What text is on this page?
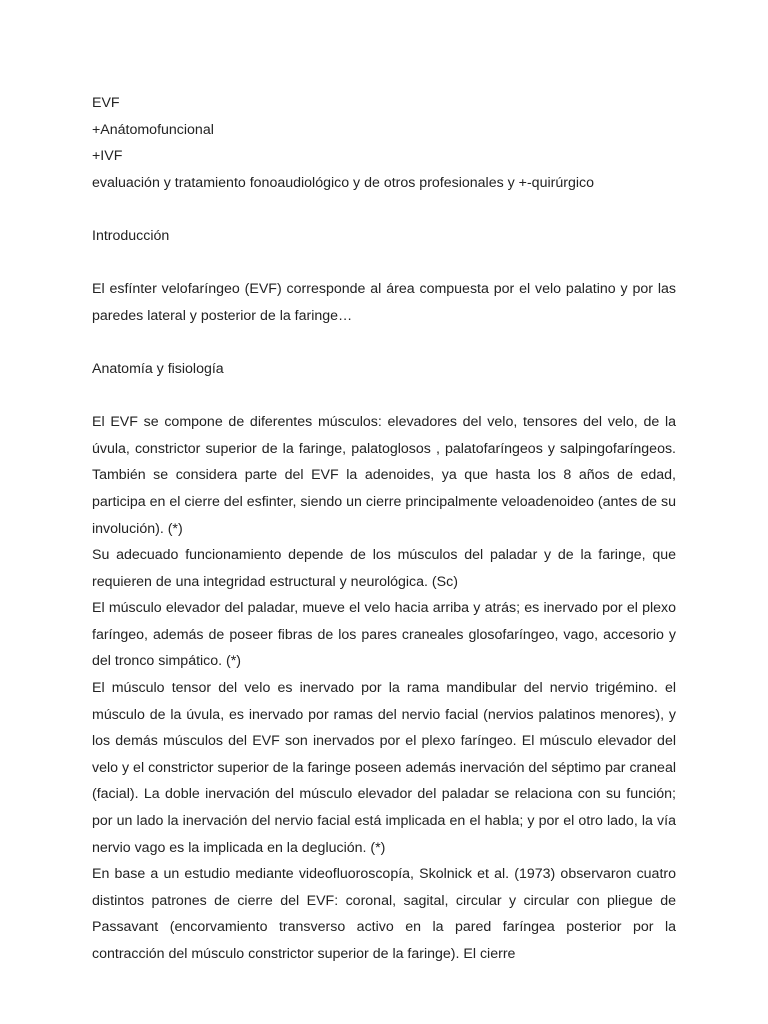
EVF
+Anátomofuncional
+IVF
evaluación y tratamiento fonoaudiológico y de otros profesionales y +-quirúrgico
Introducción
El esfínter velofaríngeo (EVF) corresponde al área compuesta por el velo palatino y por las paredes lateral y posterior de la faringe…
Anatomía y fisiología
El EVF se compone de diferentes músculos: elevadores del velo, tensores del velo, de la úvula, constrictor superior de la faringe, palatoglosos , palatofaríngeos y salpingofaríngeos. También se considera parte del EVF la adenoides, ya que hasta los 8 años de edad, participa en el cierre del esfinter, siendo un cierre principalmente veloadenoideo (antes de su involución). (*)
Su adecuado funcionamiento depende de los músculos del paladar y de la faringe, que requieren de una integridad estructural y neurológica. (Sc)
El músculo elevador del paladar, mueve el velo hacia arriba y atrás; es inervado por el plexo faríngeo, además de poseer fibras de los pares craneales glosofaríngeo, vago, accesorio y del tronco simpático. (*)
El músculo tensor del velo es inervado por la rama mandibular del nervio trigémino. el músculo de la úvula, es inervado por ramas del nervio facial (nervios palatinos menores), y los demás músculos del EVF son inervados por el plexo faríngeo. El músculo elevador del velo y el constrictor superior de la faringe poseen además inervación del séptimo par craneal (facial). La doble inervación del músculo elevador del paladar se relaciona con su función; por un lado la inervación del nervio facial está implicada en el habla; y por el otro lado, la vía nervio vago es la implicada en la deglución. (*)
En base a un estudio mediante videofluoroscopía, Skolnick et al. (1973) observaron cuatro distintos patrones de cierre del EVF: coronal, sagital, circular y circular con pliegue de Passavant (encorvamiento transverso activo en la pared faríngea posterior por la contracción del músculo constrictor superior de la faringe). El cierre
